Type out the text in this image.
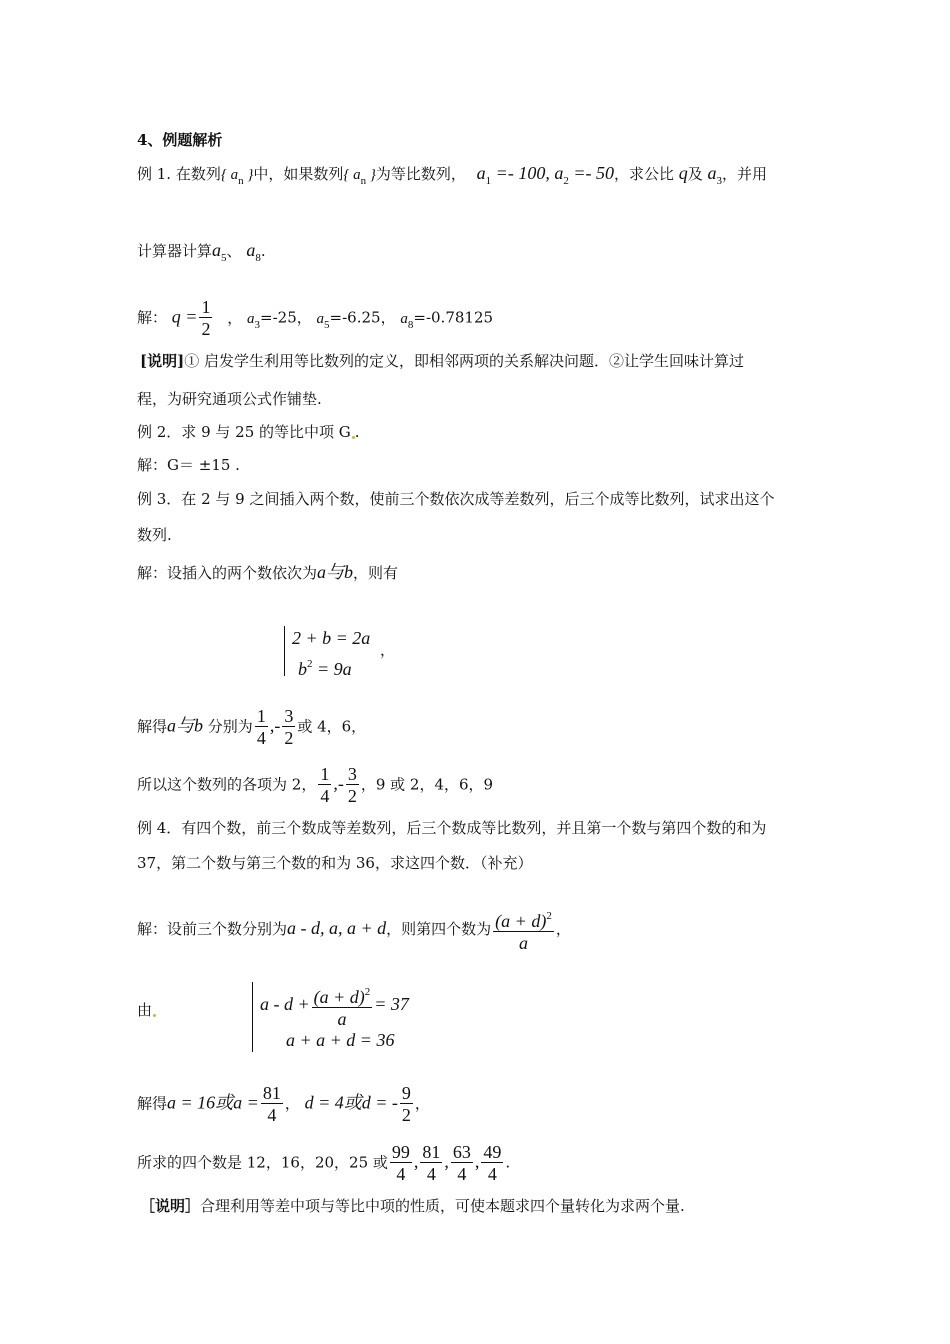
4、例题解析
例 1. 在数列{ $a_n$ }中，如果数列{ $a_n$ }为等比数列， $a_1 =- 100$, $a_2 =- 50$，求公比 q及 $a_3$，并用
计算器计算$a_5$、 $a_8$.
解： $q = \frac{1}{2}$ ， $a_3=-25$， $a_5=-6.25$， $a_8=-0.78125$
[说明]① 启发学生利用等比数列的定义，即相邻两项的关系解决问题．②让学生回味计算过
程，为研究通项公式作铺垫.
例 2．求 9 与 25 的等比中项 G .
解：G＝ ±15 .
例 3．在 2 与 9 之间插入两个数，使前三个数依次成等差数列，后三个成等比数列，试求出这个
数列.
解：设插入的两个数依次为a与b，则有
2 + b = 2a
$b^2 = 9a$
，
解得a与b 分别为 $\frac{1}{4}$ ,- $\frac{3}{2}$ 或 4，6，
所以这个数列的各项为 2， $\frac{1}{4}$ ,- $\frac{3}{2}$ ，9 或 2，4，6，9
例 4．有四个数，前三个数成等差数列，后三个数成等比数列，并且第一个数与第四个数的和为
37，第二个数与第三个数的和为 36，求这四个数．（补充）
解：设前三个数分别为a - d, a, a + d，则第四个数为 $\frac{(a + d)^2}{a}$ ，
由	$a - d + \frac{(a + d)^2}{a} = 37$
a + a + d = 36
解得a = 16或$a = \frac{81}{4}$ ， d = 4或d = - $\frac{9}{2}$ ，
所求的四个数是 12，16，20，25 或 $\frac{99}{4}$ , $\frac{81}{4}$ , $\frac{63}{4}$ , $\frac{49}{4}$ .
［说明］合理利用等差中项与等比中项的性质，可使本题求四个量转化为求两个量.
